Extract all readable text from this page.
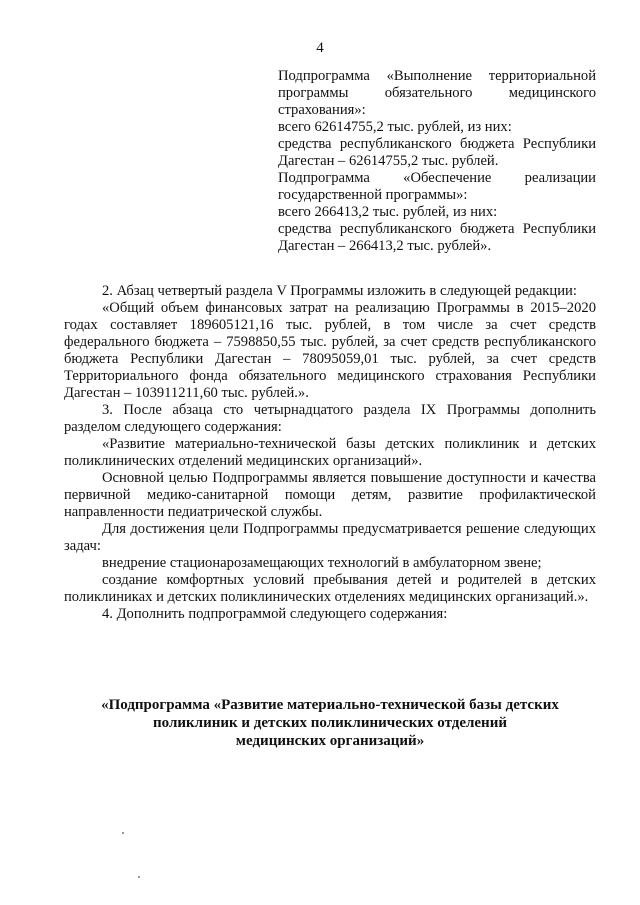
4

Подпрограмма «Выполнение территориальной программы обязательного медицинского страхования»:

всего 62614755,2 тыс. рублей, из них:

средства республиканского бюджета Республики Дагестан – 62614755,2 тыс. рублей.

Подпрограмма «Обеспечение реализации государственной программы»:

всего 266413,2 тыс. рублей, из них:

средства республиканского бюджета Республики Дагестан – 266413,2 тыс. рублей».

2. Абзац четвертый раздела V Программы изложить в следующей редакции:

«Общий объем финансовых затрат на реализацию Программы в 2015–2020 годах составляет 189605121,16 тыс. рублей, в том числе за счет средств федерального бюджета – 7598850,55 тыс. рублей, за счет средств республиканского бюджета Республики Дагестан – 78095059,01 тыс. рублей, за счет средств Территориального фонда обязательного медицинского страхования Республики Дагестан – 103911211,60 тыс. рублей.».

3. После абзаца сто четырнадцатого раздела IX Программы дополнить разделом следующего содержания:

«Развитие материально-технической базы детских поликлиник и детских поликлинических отделений медицинских организаций».

Основной целью Подпрограммы является повышение доступности и качества первичной медико-санитарной помощи детям, развитие профилактической направленности педиатрической службы.

Для достижения цели Подпрограммы предусматривается решение следующих задач:

внедрение стационарозамещающих технологий в амбулаторном звене;

создание комфортных условий пребывания детей и родителей в детских поликлиниках и детских поликлинических отделениях медицинских организаций.».

4. Дополнить подпрограммой следующего содержания:

«Подпрограмма «Развитие материально-технической базы детских
поликлиник и детских поликлинических отделений
медицинских организаций»
